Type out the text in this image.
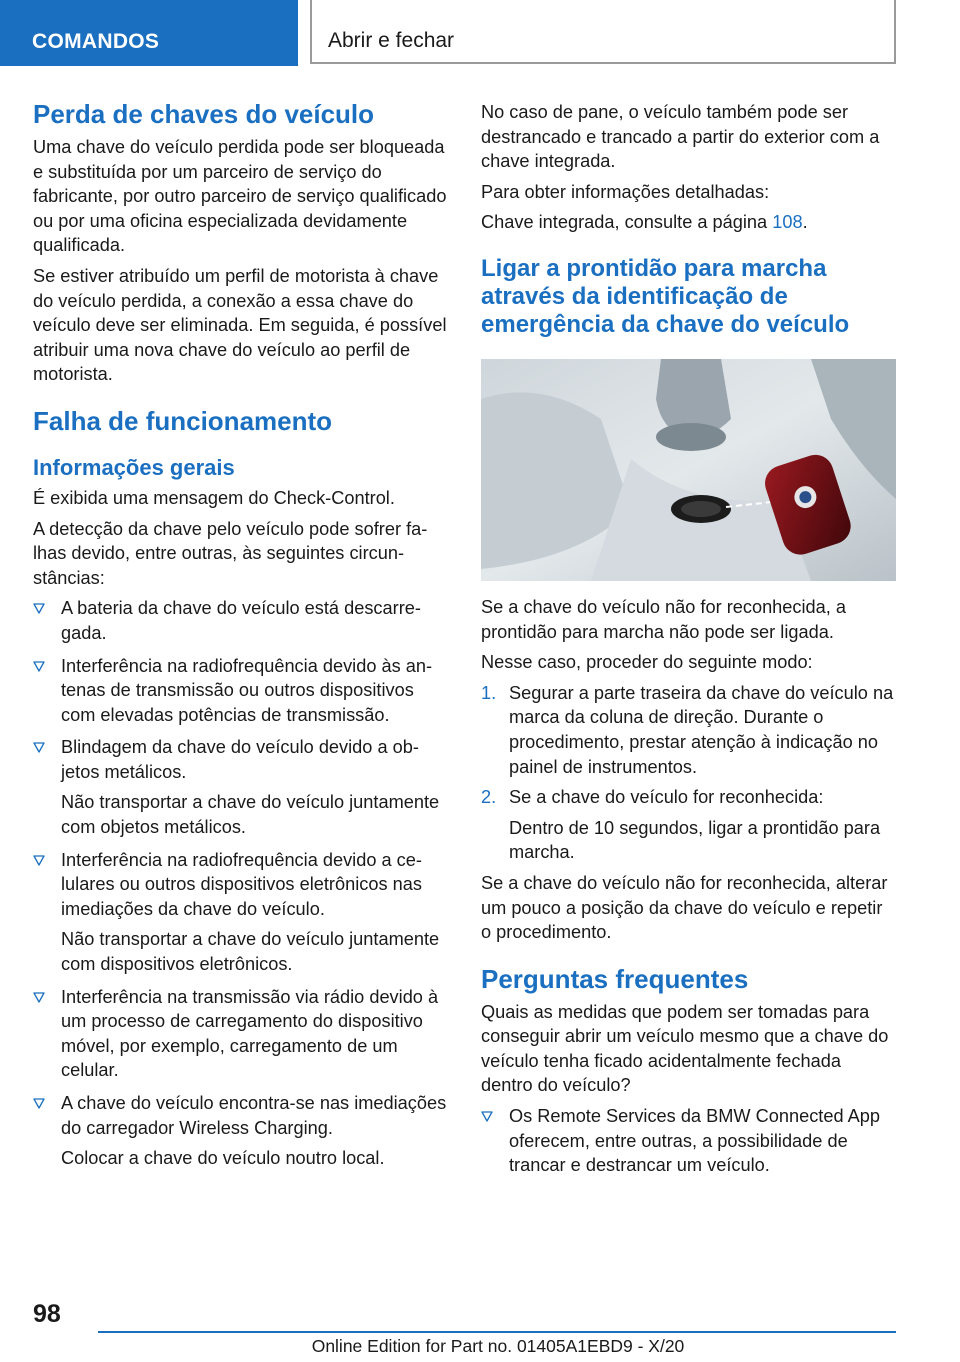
COMANDOS	Abrir e fechar
Perda de chaves do veículo

Uma chave do veículo perdida pode ser bloqueada e substituída por um parceiro de serviço do fabricante, por outro parceiro de serviço qualificado ou por uma oficina especializada devidamente qualificada.

Se estiver atribuído um perfil de motorista à chave do veículo perdida, a conexão a essa chave do veículo deve ser eliminada. Em seguida, é possível atribuir uma nova chave do veículo ao perfil de motorista.

Falha de funcionamento
Informações gerais

É exibida uma mensagem do Check-Control.

A detecção da chave pelo veículo pode sofrer falhas devido, entre outras, às seguintes circunstâncias:

A bateria da chave do veículo está descarregada.

Interferência na radiofrequência devido às antenas de transmissão ou outros dispositivos com elevadas potências de transmissão.

Blindagem da chave do veículo devido a objetos metálicos.

Não transportar a chave do veículo juntamente com objetos metálicos.

Interferência na radiofrequência devido a celulares ou outros dispositivos eletrônicos nas imediações da chave do veículo.

Não transportar a chave do veículo juntamente com dispositivos eletrônicos.

Interferência na transmissão via rádio devido à um processo de carregamento do dispositivo móvel, por exemplo, carregamento de um celular.

A chave do veículo encontra-se nas imediações do carregador Wireless Charging.

Colocar a chave do veículo noutro local.

No caso de pane, o veículo também pode ser destrancado e trancado a partir do exterior com a chave integrada.

Para obter informações detalhadas:

Chave integrada, consulte a página 108.

Ligar a prontidão para marcha através da identificação de emergência da chave do veículo

Se a chave do veículo não for reconhecida, a prontidão para marcha não pode ser ligada.

Nesse caso, proceder do seguinte modo:

1. Segurar a parte traseira da chave do veículo na marca da coluna de direção. Durante o procedimento, prestar atenção à indicação no painel de instrumentos.

2. Se a chave do veículo for reconhecida:

Dentro de 10 segundos, ligar a prontidão para marcha.

Se a chave do veículo não for reconhecida, alterar um pouco a posição da chave do veículo e repetir o procedimento.

Perguntas frequentes

Quais as medidas que podem ser tomadas para conseguir abrir um veículo mesmo que a chave do veículo tenha ficado acidentalmente fechada dentro do veículo?

Os Remote Services da BMW Connected App oferecem, entre outras, a possibilidade de trancar e destrancar um veículo.

98
Online Edition for Part no. 01405A1EBD9 - X/20
